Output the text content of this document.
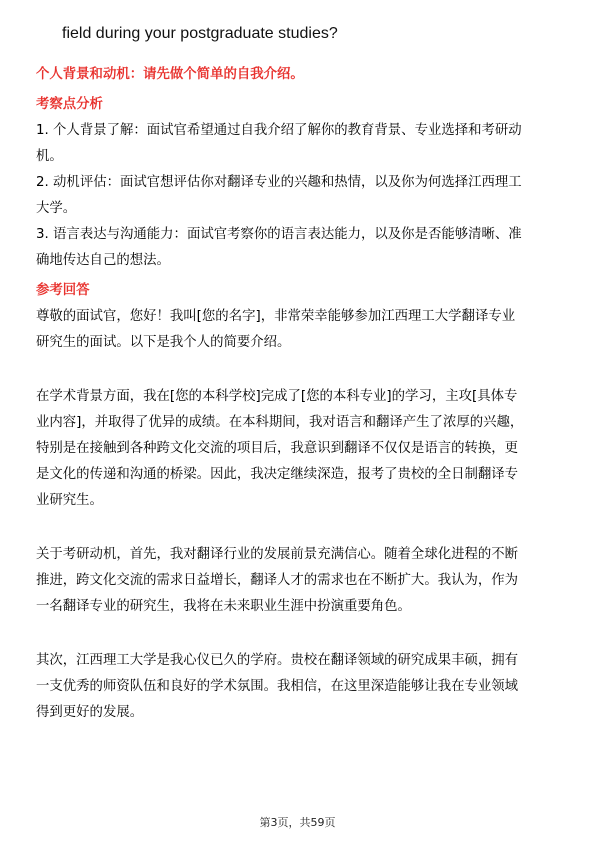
field during your postgraduate studies?
个人背景和动机：请先做个简单的自我介绍。
考察点分析
1. 个人背景了解：面试官希望通过自我介绍了解你的教育背景、专业选择和考研动
机。
2. 动机评估：面试官想评估你对翻译专业的兴趣和热情，以及你为何选择江西理工
大学。
3. 语言表达与沟通能力：面试官考察你的语言表达能力，以及你是否能够清晰、准
确地传达自己的想法。
参考回答
尊敬的面试官，您好！我叫[您的名字]，非常荣幸能够参加江西理工大学翻译专业
研究生的面试。以下是我个人的简要介绍。
在学术背景方面，我在[您的本科学校]完成了[您的本科专业]的学习，主攻[具体专
业内容]，并取得了优异的成绩。在本科期间，我对语言和翻译产生了浓厚的兴趣，
特别是在接触到各种跨文化交流的项目后，我意识到翻译不仅仅是语言的转换，更
是文化的传递和沟通的桥梁。因此，我决定继续深造，报考了贵校的全日制翻译专
业研究生。
关于考研动机，首先，我对翻译行业的发展前景充满信心。随着全球化进程的不断
推进，跨文化交流的需求日益增长，翻译人才的需求也在不断扩大。我认为，作为
一名翻译专业的研究生，我将在未来职业生涯中扮演重要角色。
其次，江西理工大学是我心仪已久的学府。贵校在翻译领域的研究成果丰硕，拥有
一支优秀的师资队伍和良好的学术氛围。我相信，在这里深造能够让我在专业领域
得到更好的发展。
第3页，共59页
